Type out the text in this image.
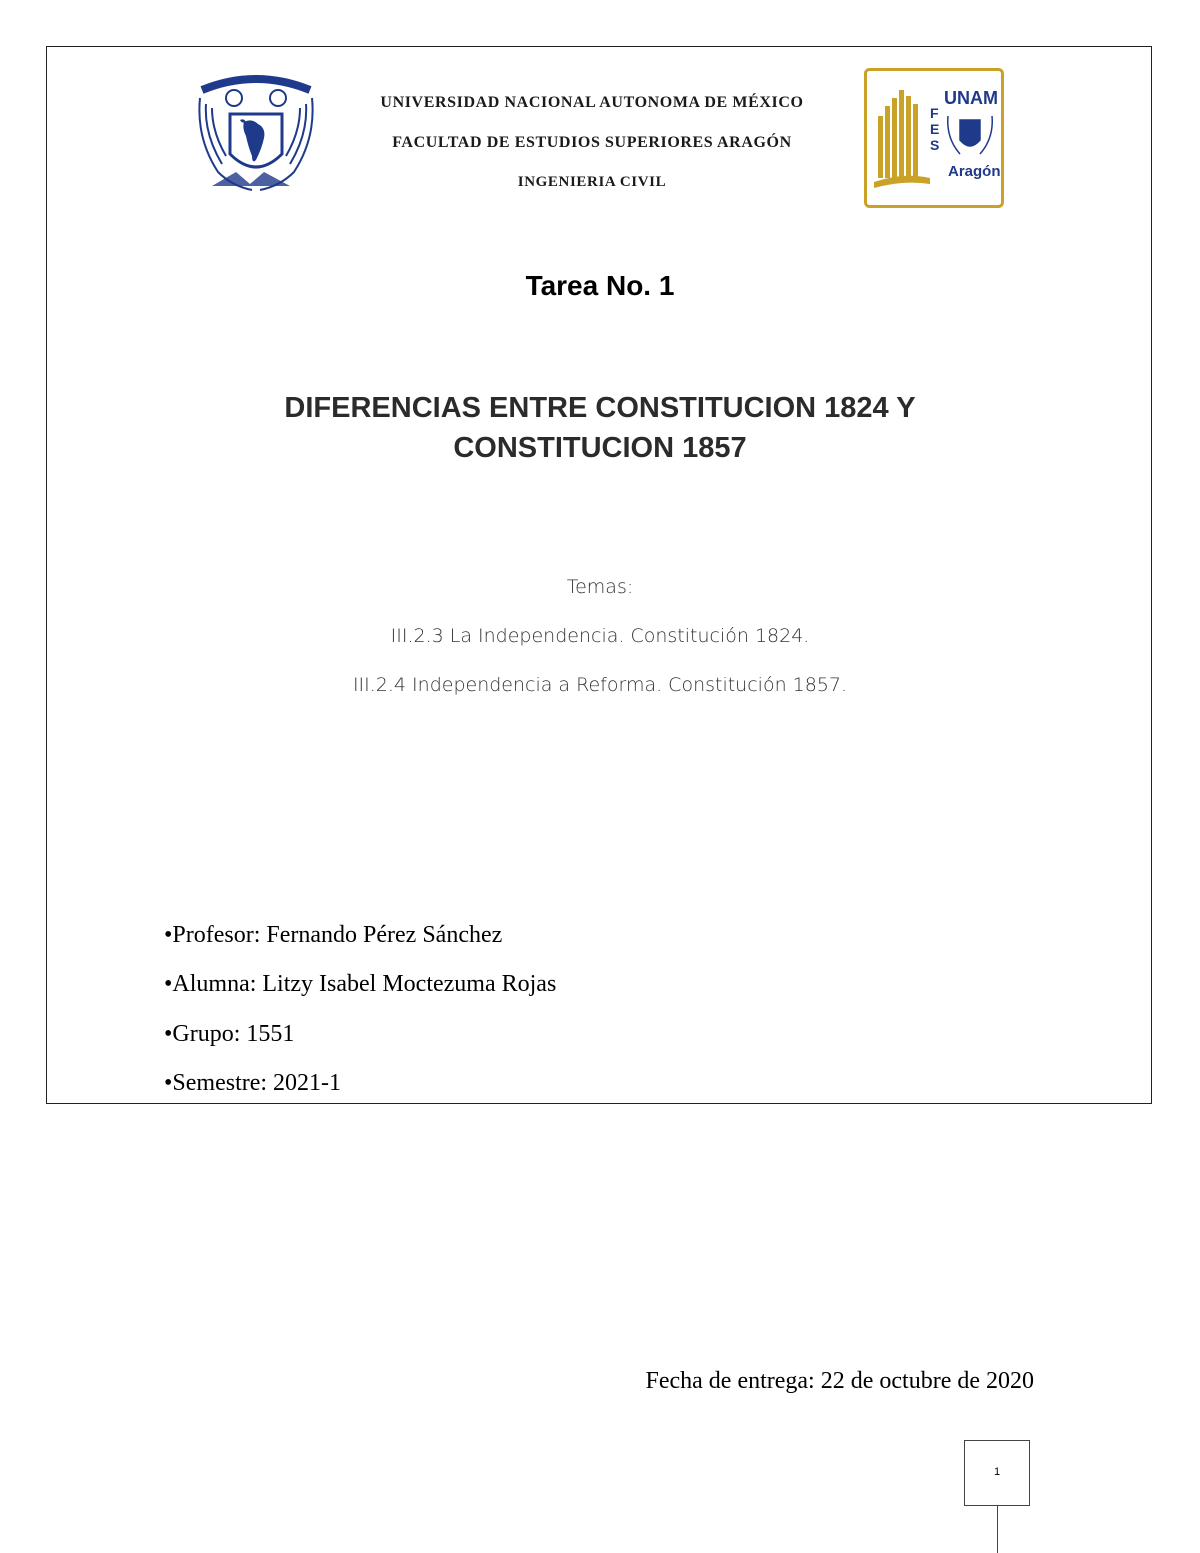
UNIVERSIDAD NACIONAL AUTONOMA DE MÉXICO
FACULTAD DE ESTUDIOS SUPERIORES ARAGÓN
INGENIERIA CIVIL
F
E
S
UNAM
Aragón
Tarea No. 1
DIFERENCIAS ENTRE CONSTITUCION 1824 Y
CONSTITUCION 1857
Temas:
III.2.3 La Independencia. Constitución 1824.
III.2.4 Independencia a Reforma. Constitución 1857.
•Profesor: Fernando Pérez Sánchez
•Alumna: Litzy Isabel Moctezuma Rojas
•Grupo: 1551
•Semestre: 2021-1
Fecha de entrega: 22 de octubre de 2020
1
